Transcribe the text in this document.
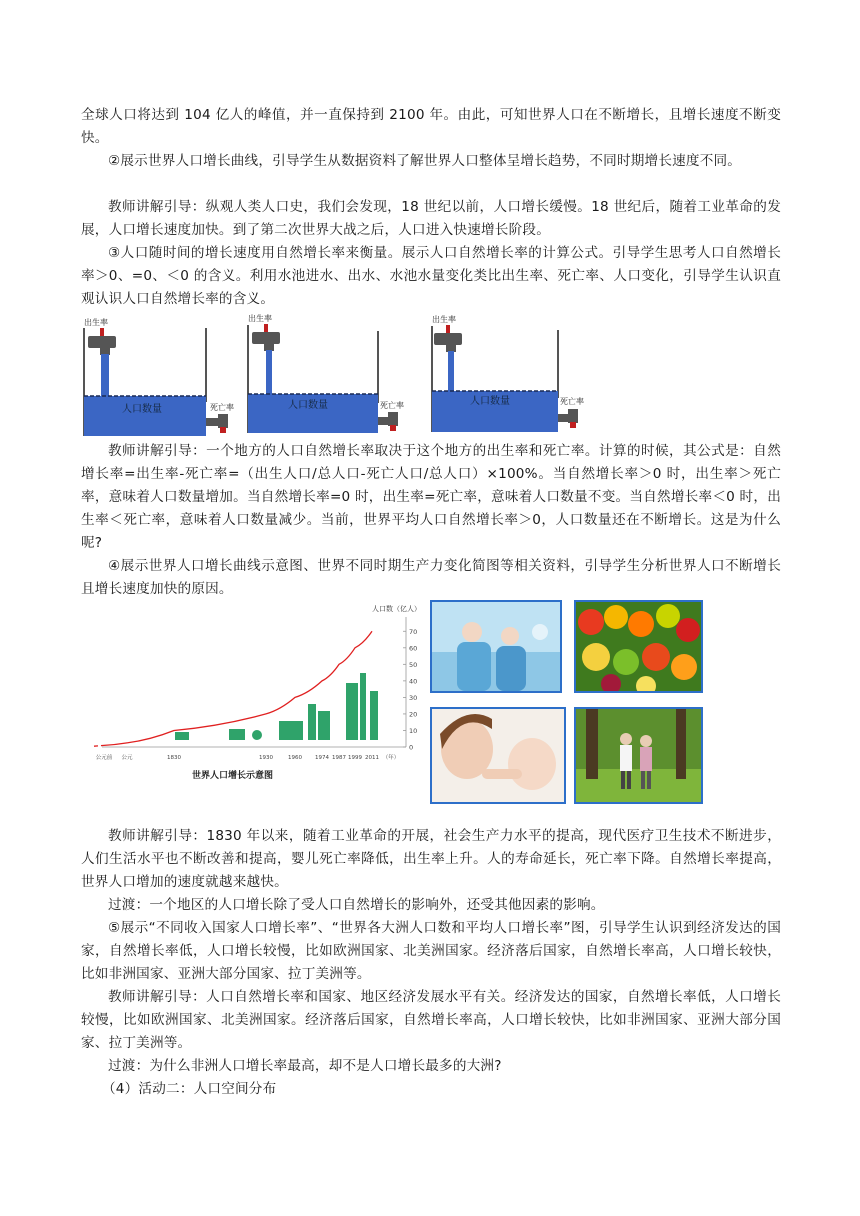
全球人口将达到 104 亿人的峰值，并一直保持到 2100 年。由此，可知世界人口在不断增长，且增长速度不断变快。

②展示世界人口增长曲线，引导学生从数据资料了解世界人口整体呈增长趋势，不同时期增长速度不同。

教师讲解引导：纵观人类人口史，我们会发现，18 世纪以前，人口增长缓慢。18 世纪后，随着工业革命的发展，人口增长速度加快。到了第二次世界大战之后，人口进入快速增长阶段。

③人口随时间的增长速度用自然增长率来衡量。展示人口自然增长率的计算公式。引导学生思考人口自然增长率＞0、=0、＜0 的含义。利用水池进水、出水、水池水量变化类比出生率、死亡率、人口变化，引导学生认识直观认识人口自然增长率的含义。

出生率
人口数量	死亡率
出生率
人口数量	死亡率
出生率
人口数量	死亡率

教师讲解引导：一个地方的人口自然增长率取决于这个地方的出生率和死亡率。计算的时候，其公式是：自然增长率=出生率-死亡率=（出生人口/总人口-死亡人口/总人口）×100%。当自然增长率＞0 时，出生率＞死亡率，意味着人口数量增加。当自然增长率=0 时，出生率=死亡率，意味着人口数量不变。当自然增长率＜0 时，出生率＜死亡率，意味着人口数量减少。当前，世界平均人口自然增长率＞0，人口数量还在不断增长。这是为什么呢?

④展示世界人口增长曲线示意图、世界不同时期生产力变化简图等相关资料，引导学生分析世界人口不断增长且增长速度加快的原因。

人口数（亿人）
世界人口增长示意图
0
10
20
30
40
50
60
70
公元前 公元	1830	1930	1960 1974 1987 1999 2011 （年）

教师讲解引导：1830 年以来，随着工业革命的开展，社会生产力水平的提高，现代医疗卫生技术不断进步，人们生活水平也不断改善和提高，婴儿死亡率降低，出生率上升。人的寿命延长，死亡率下降。自然增长率提高，世界人口增加的速度就越来越快。

过渡：一个地区的人口增长除了受人口自然增长的影响外，还受其他因素的影响。

⑤展示“不同收入国家人口增长率”、“世界各大洲人口数和平均人口增长率”图，引导学生认识到经济发达的国家，自然增长率低，人口增长较慢，比如欧洲国家、北美洲国家。经济落后国家，自然增长率高，人口增长较快，比如非洲国家、亚洲大部分国家、拉丁美洲等。

教师讲解引导：人口自然增长率和国家、地区经济发展水平有关。经济发达的国家，自然增长率低，人口增长较慢，比如欧洲国家、北美洲国家。经济落后国家，自然增长率高，人口增长较快，比如非洲国家、亚洲大部分国家、拉丁美洲等。

过渡：为什么非洲人口增长率最高，却不是人口增长最多的大洲?

（4）活动二：人口空间分布
